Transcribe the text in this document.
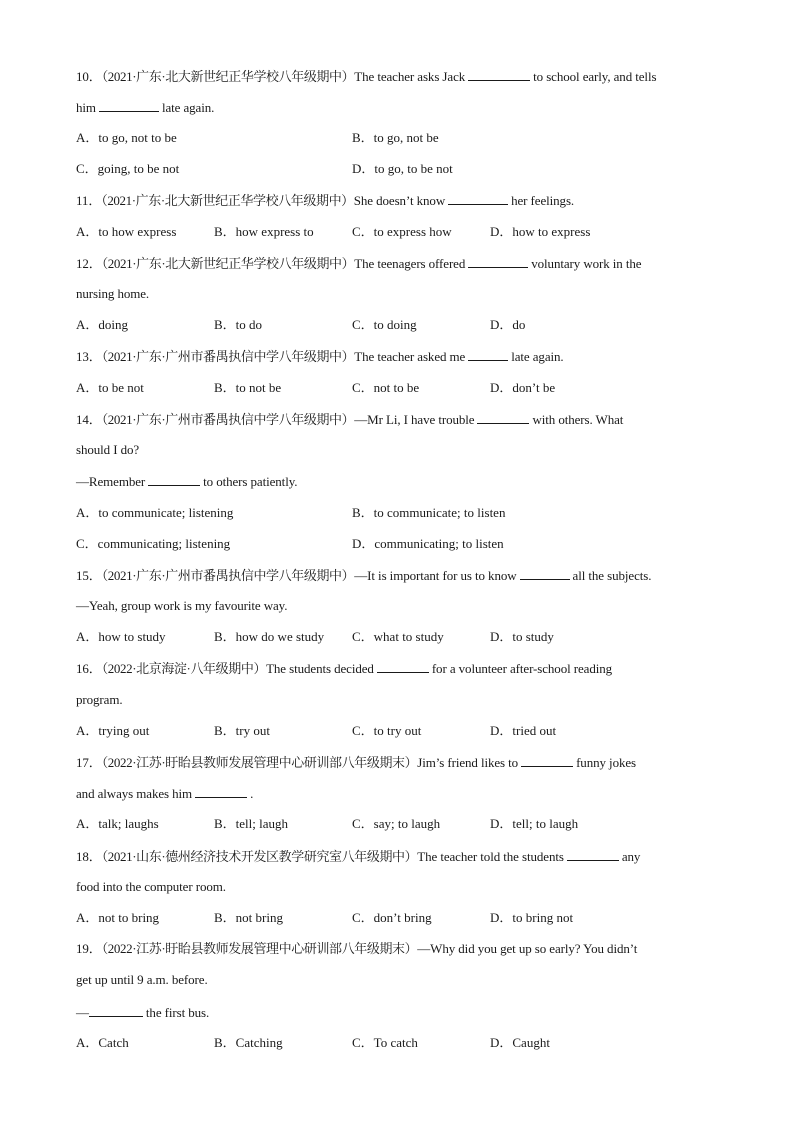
10．（2021·广东·北大新世纪正华学校八年级期中）The teacher asks Jack	to school early, and tells
him	late again.
A．to go, not to be	B．to go, not be
C．going, to be not	D．to go, to be not
11．（2021·广东·北大新世纪正华学校八年级期中）She doesn’t know	her feelings.
A．to how express	B．how express to	C．to express how	D．how to express
12．（2021·广东·北大新世纪正华学校八年级期中）The teenagers offered	voluntary work in the
nursing home.
A．doing	B．to do	C．to doing	D．do
13．（2021·广东·广州市番禺执信中学八年级期中）The teacher asked me	late again.
A．to be not	B．to not be	C．not to be	D．don’t be
14．（2021·广东·广州市番禺执信中学八年级期中）—Mr Li, I have trouble	with others. What
should I do?
—Remember	to others patiently.
A．to communicate; listening	B．to communicate; to listen
C．communicating; listening	D．communicating; to listen
15．（2021·广东·广州市番禺执信中学八年级期中）—It is important for us to know	all the subjects.
—Yeah, group work is my favourite way.
A．how to study	B．how do we study C．what to study	D．to study
16．（2022·北京海淀·八年级期中）The students decided	for a volunteer after-school reading
program.
A．trying out	B．try out	C．to try out	D．tried out
17．（2022·江苏·盱眙县教师发展管理中心研训部八年级期末）Jim’s friend likes to	funny jokes
and always makes him	.
A．talk; laughs	B．tell; laugh	C．say; to laugh	D．tell; to laugh
18．（2021·山东·德州经济技术开发区教学研究室八年级期中）The teacher told the students	any
food into the computer room.
A．not to bring	B．not bring	C．don’t bring	D．to bring not
19．（2022·江苏·盱眙县教师发展管理中心研训部八年级期末）—Why did you get up so early? You didn’t
get up until 9 a.m. before.
—	the first bus.
A．Catch	B．Catching	C．To catch	D．Caught
